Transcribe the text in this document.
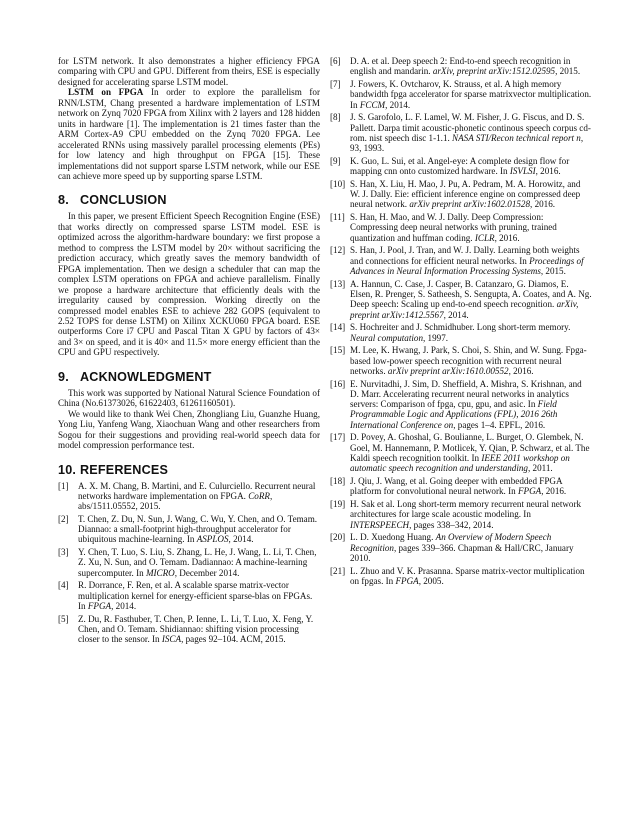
for LSTM network. It also demonstrates a higher efficiency FPGA comparing with CPU and GPU. Different from theirs, ESE is especially designed for accelerating sparse LSTM model.

LSTM on FPGA In order to explore the parallelism for RNN/LSTM, Chang presented a hardware implementation of LSTM network on Zynq 7020 FPGA from Xilinx with 2 layers and 128 hidden units in hardware [1]. The implementation is 21 times faster than the ARM Cortex-A9 CPU embedded on the Zynq 7020 FPGA. Lee accelerated RNNs using massively parallel processing elements (PEs) for low latency and high throughput on FPGA [15]. These implementations did not support sparse LSTM network, while our ESE can achieve more speed up by supporting sparse LSTM.

8. CONCLUSION

In this paper, we present Efficient Speech Recognition Engine (ESE) that works directly on compressed sparse LSTM model. ESE is optimized across the algorithm-hardware boundary: we first propose a method to compress the LSTM model by 20× without sacrificing the prediction accuracy, which greatly saves the memory bandwidth of FPGA implementation. Then we design a scheduler that can map the complex LSTM operations on FPGA and achieve parallelism. Finally we propose a hardware architecture that efficiently deals with the irregularity caused by compression. Working directly on the compressed model enables ESE to achieve 282 GOPS (equivalent to 2.52 TOPS for dense LSTM) on Xilinx XCKU060 FPGA board. ESE outperforms Core i7 CPU and Pascal Titan X GPU by factors of 43× and 3× on speed, and it is 40× and 11.5× more energy efficient than the CPU and GPU respectively.

9. ACKNOWLEDGMENT

This work was supported by National Natural Science Foundation of China (No.61373026, 61622403, 61261160501).

We would like to thank Wei Chen, Zhongliang Liu, Guanzhe Huang, Yong Liu, Yanfeng Wang, Xiaochuan Wang and other researchers from Sogou for their suggestions and providing real-world speech data for model compression performance test.

10. REFERENCES
[1]	A. X. M. Chang, B. Martini, and E. Culurciello. Recurrent neural networks hardware implementation on FPGA. CoRR, abs/1511.05552, 2015.
[2]	T. Chen, Z. Du, N. Sun, J. Wang, C. Wu, Y. Chen, and O. Temam. Diannao: a small-footprint high-throughput accelerator for ubiquitous machine-learning. In ASPLOS, 2014.
[3]	Y. Chen, T. Luo, S. Liu, S. Zhang, L. He, J. Wang, L. Li, T. Chen, Z. Xu, N. Sun, and O. Temam. Dadiannao: A machine-learning supercomputer. In MICRO, December 2014.
[4]	R. Dorrance, F. Ren, et al. A scalable sparse matrix-vector multiplication kernel for energy-efficient sparse-blas on FPGAs. In FPGA, 2014.
[5]	Z. Du, R. Fasthuber, T. Chen, P. Ienne, L. Li, T. Luo, X. Feng, Y. Chen, and O. Temam. Shidiannao: shifting vision processing closer to the sensor. In ISCA, pages 92–104. ACM, 2015.
[6]	D. A. et al. Deep speech 2: End-to-end speech recognition in english and mandarin. arXiv, preprint arXiv:1512.02595, 2015.
[7]	J. Fowers, K. Ovtcharov, K. Strauss, et al. A high memory bandwidth fpga accelerator for sparse matrixvector multiplication. In FCCM, 2014.
[8]	J. S. Garofolo, L. F. Lamel, W. M. Fisher, J. G. Fiscus, and D. S. Pallett. Darpa timit acoustic-phonetic continous speech corpus cd-rom. nist speech disc 1-1.1. NASA STI/Recon technical report n, 93, 1993.
[9]	K. Guo, L. Sui, et al. Angel-eye: A complete design flow for mapping cnn onto customized hardware. In ISVLSI, 2016.
[10] S. Han, X. Liu, H. Mao, J. Pu, A. Pedram, M. A. Horowitz, and W. J. Dally. Eie: efficient inference engine on compressed deep neural network. arXiv preprint arXiv:1602.01528, 2016.
[11] S. Han, H. Mao, and W. J. Dally. Deep Compression: Compressing deep neural networks with pruning, trained quantization and huffman coding. ICLR, 2016.
[12] S. Han, J. Pool, J. Tran, and W. J. Dally. Learning both weights and connections for efficient neural networks. In Proceedings of Advances in Neural Information Processing Systems, 2015.
[13] A. Hannun, C. Case, J. Casper, B. Catanzaro, G. Diamos, E. Elsen, R. Prenger, S. Satheesh, S. Sengupta, A. Coates, and A. Ng. Deep speech: Scaling up end-to-end speech recognition. arXiv, preprint arXiv:1412.5567, 2014.
[14] S. Hochreiter and J. Schmidhuber. Long short-term memory. Neural computation, 1997.
[15] M. Lee, K. Hwang, J. Park, S. Choi, S. Shin, and W. Sung. Fpga-based low-power speech recognition with recurrent neural networks. arXiv preprint arXiv:1610.00552, 2016.
[16] E. Nurvitadhi, J. Sim, D. Sheffield, A. Mishra, S. Krishnan, and D. Marr. Accelerating recurrent neural networks in analytics servers: Comparison of fpga, cpu, gpu, and asic. In Field Programmable Logic and Applications (FPL), 2016 26th International Conference on, pages 1–4. EPFL, 2016.
[17] D. Povey, A. Ghoshal, G. Boulianne, L. Burget, O. Glembek, N. Goel, M. Hannemann, P. Motlicek, Y. Qian, P. Schwarz, et al. The Kaldi speech recognition toolkit. In IEEE 2011 workshop on automatic speech recognition and understanding, 2011.
[18] J. Qiu, J. Wang, et al. Going deeper with embedded FPGA platform for convolutional neural network. In FPGA, 2016.
[19] H. Sak et al. Long short-term memory recurrent neural network architectures for large scale acoustic modeling. In INTERSPEECH, pages 338–342, 2014.
[20] L. D. Xuedong Huang. An Overview of Modern Speech Recognition, pages 339–366. Chapman & Hall/CRC, January 2010.
[21] L. Zhuo and V. K. Prasanna. Sparse matrix-vector multiplication on fpgas. In FPGA, 2005.
